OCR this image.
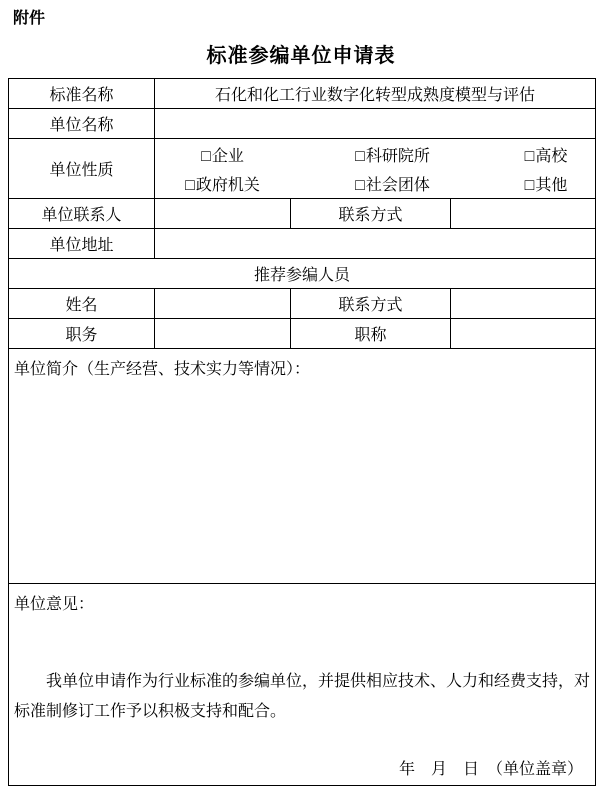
附件
标准参编单位申请表
标准名称	石化和化工行业数字化转型成熟度模型与评估		
单位名称			
单位性质	
□企业	□科研院所	□高校
□政府机关	□社会团体	□其他

单位联系人		联系方式	
单位地址			
推荐参编人员			
姓名		联系方式	
职务		职称	

单位简介（生产经营、技术实力等情况）：			

单位意见：

我单位申请作为行业标准的参编单位，并提供相应技术、人力和经费支持，对标准制修订工作予以积极支持和配合。

年　月　日　（单位盖章）			
